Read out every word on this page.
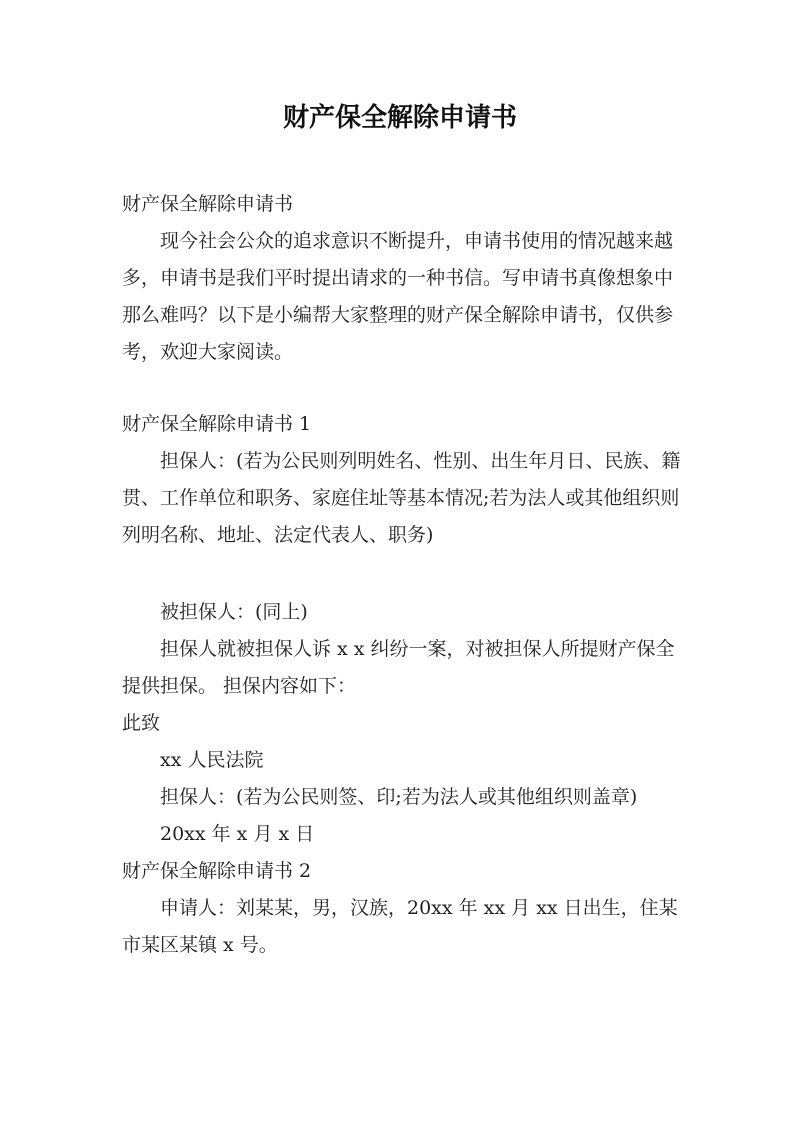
财产保全解除申请书

财产保全解除申请书

现今社会公众的追求意识不断提升，申请书使用的情况越来越多，申请书是我们平时提出请求的一种书信。写申请书真像想象中那么难吗？以下是小编帮大家整理的财产保全解除申请书，仅供参考，欢迎大家阅读。

财产保全解除申请书 1

担保人：(若为公民则列明姓名、性别、出生年月日、民族、籍贯、工作单位和职务、家庭住址等基本情况;若为法人或其他组织则列明名称、地址、法定代表人、职务)

被担保人：(同上)

担保人就被担保人诉 x x 纠纷一案，对被担保人所提财产保全提供担保。 担保内容如下：

此致

xx 人民法院

担保人：(若为公民则签、印;若为法人或其他组织则盖章)

20xx 年 x 月 x 日

财产保全解除申请书 2

申请人：刘某某，男，汉族，20xx 年 xx 月 xx 日出生，住某市某区某镇 x 号。
